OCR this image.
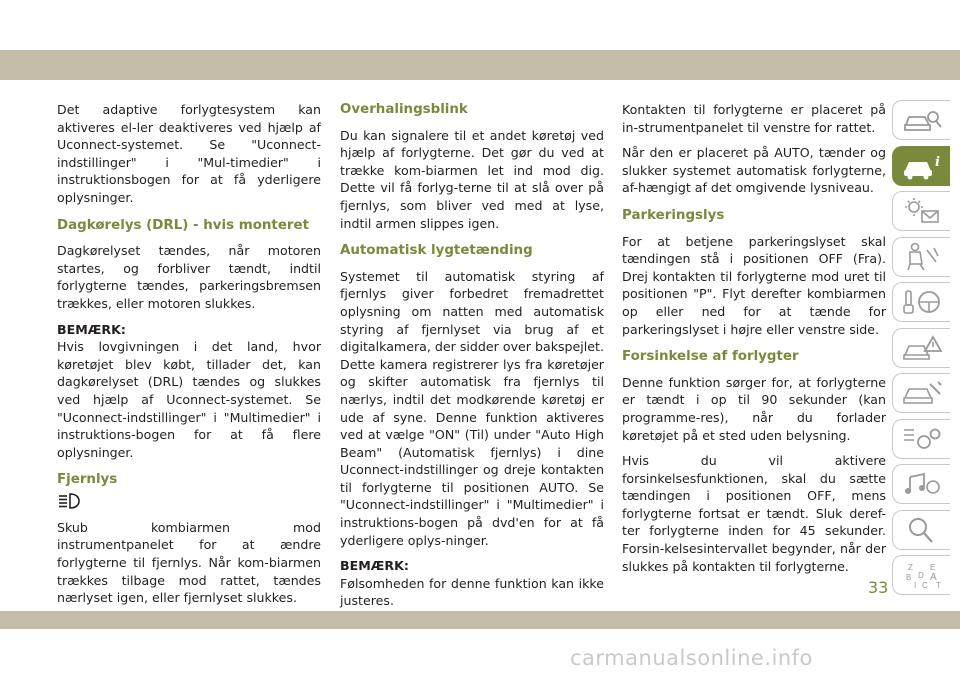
Det adaptive forlygtesystem kan aktiveres el-ler deaktiveres ved hjælp af Uconnect-systemet. Se "Uconnect-indstillinger" i "Mul-timedier" i instruktionsbogen for at få yderligere oplysninger.

Dagkørelys (DRL) - hvis monteret

Dagkørelyset tændes, når motoren startes, og forbliver tændt, indtil forlygterne tændes, parkeringsbremsen trækkes, eller motoren slukkes.

BEMÆRK:
Hvis lovgivningen i det land, hvor køretøjet blev købt, tillader det, kan dagkørelyset (DRL) tændes og slukkes ved hjælp af Uconnect-systemet. Se "Uconnect-indstillinger" i "Multimedier" i instruktions-bogen for at få flere oplysninger.

Fjernlys

Skub kombiarmen mod instrumentpanelet for at ændre forlygterne til fjernlys. Når kom-biarmen trækkes tilbage mod rattet, tændes nærlyset igen, eller fjernlyset slukkes.

Overhalingsblink

Du kan signalere til et andet køretøj ved hjælp af forlygterne. Det gør du ved at trække kom-biarmen let ind mod dig. Dette vil få forlyg-terne til at slå over på fjernlys, som bliver ved med at lyse, indtil armen slippes igen.

Automatisk lygtetænding

Systemet til automatisk styring af fjernlys giver forbedret fremadrettet oplysning om natten med automatisk styring af fjernlyset via brug af et digitalkamera, der sidder over bakspejlet. Dette kamera registrerer lys fra køretøjer og skifter automatisk fra fjernlys til nærlys, indtil det modkørende køretøj er ude af syne. Denne funktion aktiveres ved at vælge "ON" (Til) under "Auto High Beam" (Automatisk fjernlys) i dine Uconnect-indstillinger og dreje kontakten til forlygterne til positionen AUTO. Se "Uconnect-indstillinger" i "Multimedier" i instruktions-bogen på dvd'en for at få yderligere oplys-ninger.

BEMÆRK:
Følsomheden for denne funktion kan ikke justeres.

Kontakten til forlygterne er placeret på in-strumentpanelet til venstre for rattet.

Når den er placeret på AUTO, tænder og slukker systemet automatisk forlygterne, af-hængigt af det omgivende lysniveau.

Parkeringslys

For at betjene parkeringslyset skal tændingen stå i positionen OFF (Fra). Drej kontakten til forlygterne mod uret til positionen "P". Flyt derefter kombiarmen op eller ned for at tænde for parkeringslyset i højre eller venstre side.

Forsinkelse af forlygter

Denne funktion sørger for, at forlygterne er tændt i op til 90 sekunder (kan programme-res), når du forlader køretøjet på et sted uden belysning.

Hvis du vil aktivere forsinkelsesfunktionen, skal du sætte tændingen i positionen OFF, mens forlygterne fortsat er tændt. Sluk deref-ter forlygterne inden for 45 sekunder. Forsin-kelsesintervallet begynder, når der slukkes på kontakten til forlygterne.

i
Z E
B A
I C T
D
33
carmanualsonline.info
